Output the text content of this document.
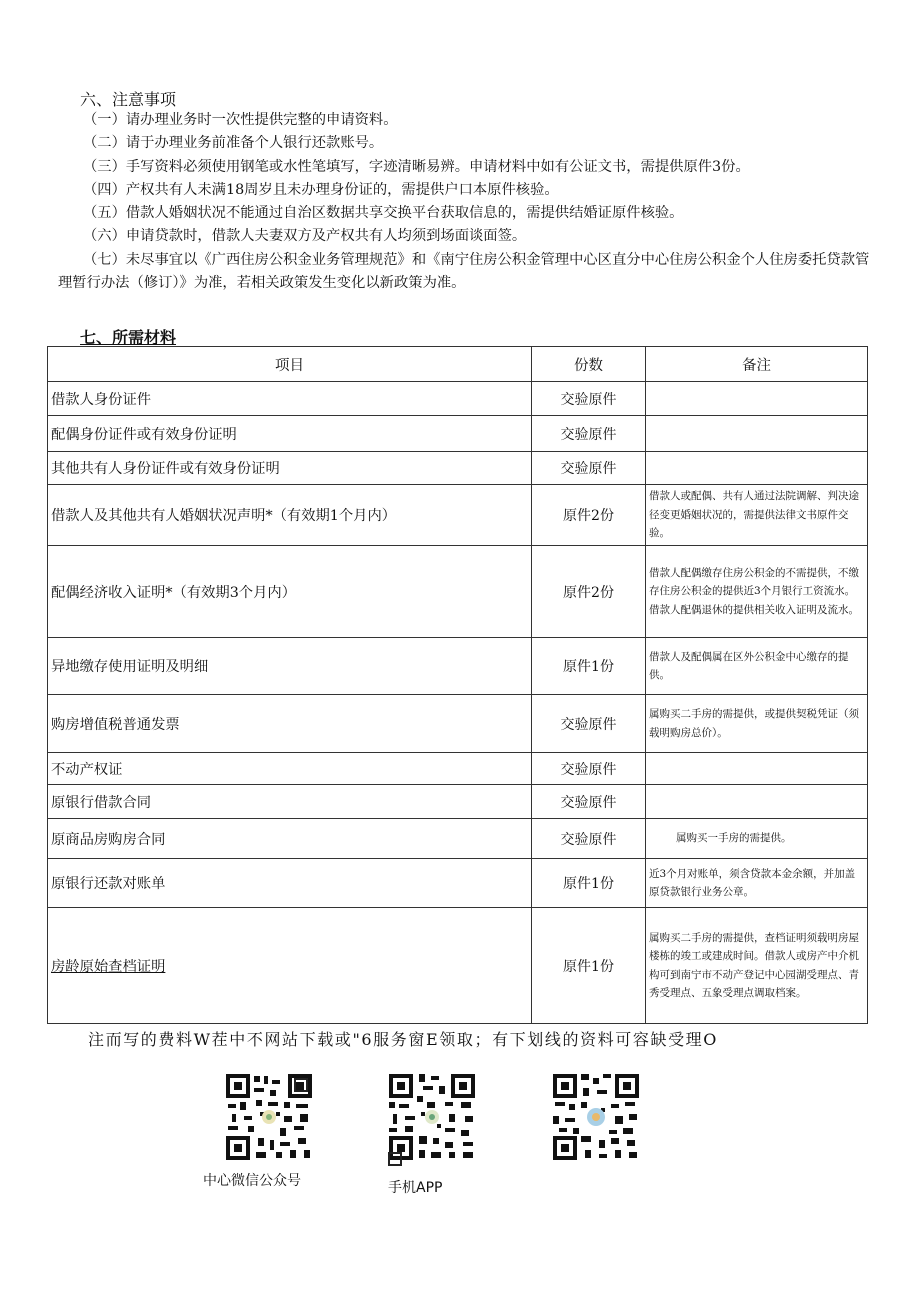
六、注意事项

（一）请办理业务时一次性提供完整的申请资料。

（二）请于办理业务前准备个人银行还款账号。

（三）手写资料必须使用钢笔或水性笔填写，字迹清晰易辨。申请材料中如有公证文书，需提供原件3份。

（四）产权共有人未满18周岁且未办理身份证的，需提供户口本原件核验。

（五）借款人婚姻状况不能通过自治区数据共享交换平台获取信息的，需提供结婚证原件核验。

（六）申请贷款时，借款人夫妻双方及产权共有人均须到场面谈面签。

（七）未尽事宜以《广西住房公积金业务管理规范》和《南宁住房公积金管理中心区直分中心住房公积金个人住房委托贷款管理暂行办法（修订）》为准，若相关政策发生变化以新政策为准。

七、所需材料
项目	份数	备注
借款人身份证件	交验原件	
配偶身份证件或有效身份证明	交验原件	
其他共有人身份证件或有效身份证明	交验原件	
借款人及其他共有人婚姻状况声明*（有效期1个月内）	原件2份	借款人或配偶、共有人通过法院调解、判决途径变更婚姻状况的，需提供法律文书原件交验。
配偶经济收入证明*（有效期3个月内）	原件2份	借款人配偶缴存住房公积金的不需提供，不缴存住房公积金的提供近3个月银行工资流水。借款人配偶退休的提供相关收入证明及流水。
异地缴存使用证明及明细	原件1份	借款人及配偶属在区外公积金中心缴存的提供。
购房增值税普通发票	交验原件	属购买二手房的需提供，或提供契税凭证（须载明购房总价）。
不动产权证	交验原件	
原银行借款合同	交验原件	
原商品房购房合同	交验原件	属购买一手房的需提供。
原银行还款对账单	原件1份	近3个月对账单，须含贷款本金余额，并加盖原贷款银行业务公章。
房龄原始查档证明	原件1份	属购买二手房的需提供，查档证明须载明房屋楼栋的竣工或建成时间。借款人或房产中介机构可到南宁市不动产登记中心园湖受理点、青秀受理点、五象受理点调取档案。
注而写的费料W茬中不网站下载或"6服务窗E领取；有下划线的资料可容缺受理O
中心微信公众号	手机APP
